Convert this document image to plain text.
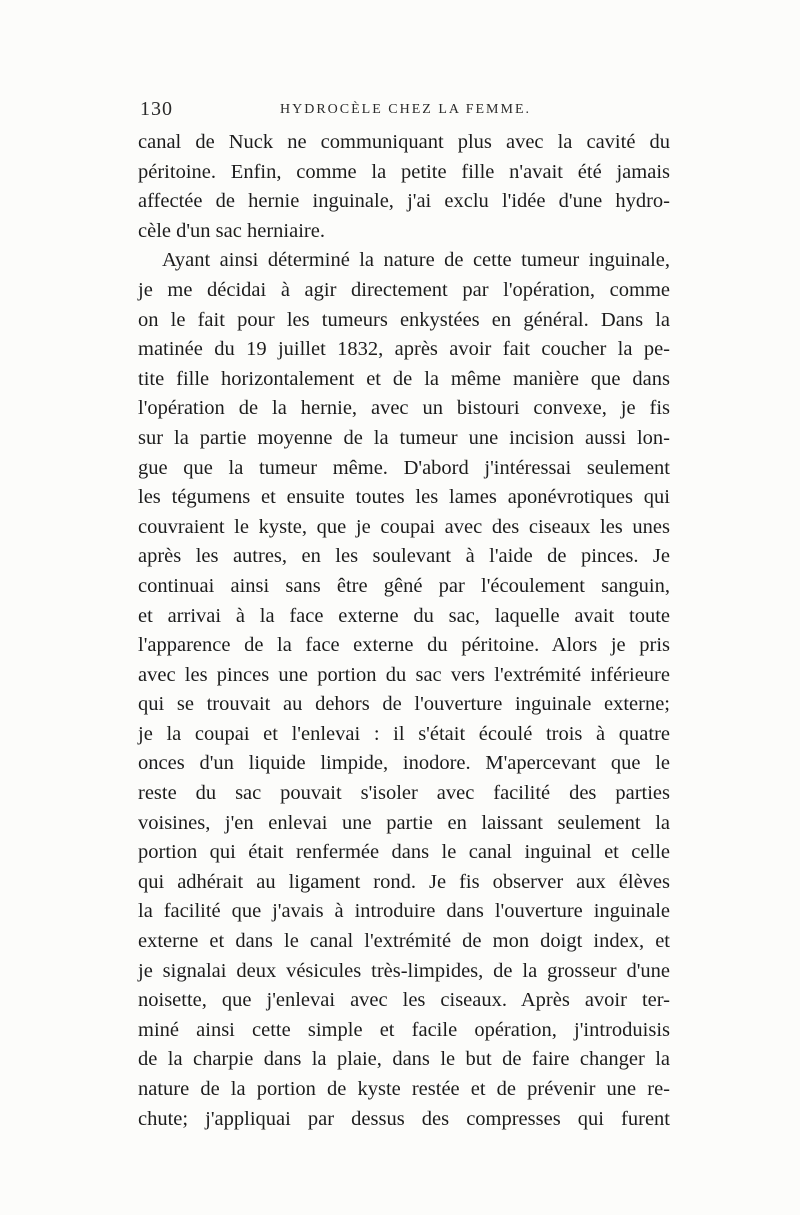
130	HYDROCÈLE CHEZ LA FEMME.
canal de Nuck ne communiquant plus avec la cavité du
péritoine. Enfin, comme la petite fille n'avait été jamais
affectée de hernie inguinale, j'ai exclu l'idée d'une hydro-
cèle d'un sac herniaire.
Ayant ainsi déterminé la nature de cette tumeur inguinale,
je me décidai à agir directement par l'opération, comme
on le fait pour les tumeurs enkystées en général. Dans la
matinée du 19 juillet 1832, après avoir fait coucher la pe-
tite fille horizontalement et de la même manière que dans
l'opération de la hernie, avec un bistouri convexe, je fis
sur la partie moyenne de la tumeur une incision aussi lon-
gue que la tumeur même. D'abord j'intéressai seulement
les tégumens et ensuite toutes les lames aponévrotiques qui
couvraient le kyste, que je coupai avec des ciseaux les unes
après les autres, en les soulevant à l'aide de pinces. Je
continuai ainsi sans être gêné par l'écoulement sanguin,
et arrivai à la face externe du sac, laquelle avait toute
l'apparence de la face externe du péritoine. Alors je pris
avec les pinces une portion du sac vers l'extrémité inférieure
qui se trouvait au dehors de l'ouverture inguinale externe;
je la coupai et l'enlevai : il s'était écoulé trois à quatre
onces d'un liquide limpide, inodore. M'apercevant que le
reste du sac pouvait s'isoler avec facilité des parties
voisines, j'en enlevai une partie en laissant seulement la
portion qui était renfermée dans le canal inguinal et celle
qui adhérait au ligament rond. Je fis observer aux élèves
la facilité que j'avais à introduire dans l'ouverture inguinale
externe et dans le canal l'extrémité de mon doigt index, et
je signalai deux vésicules très-limpides, de la grosseur d'une
noisette, que j'enlevai avec les ciseaux. Après avoir ter-
miné ainsi cette simple et facile opération, j'introduisis
de la charpie dans la plaie, dans le but de faire changer la
nature de la portion de kyste restée et de prévenir une re-
chute; j'appliquai par dessus des compresses qui furent
